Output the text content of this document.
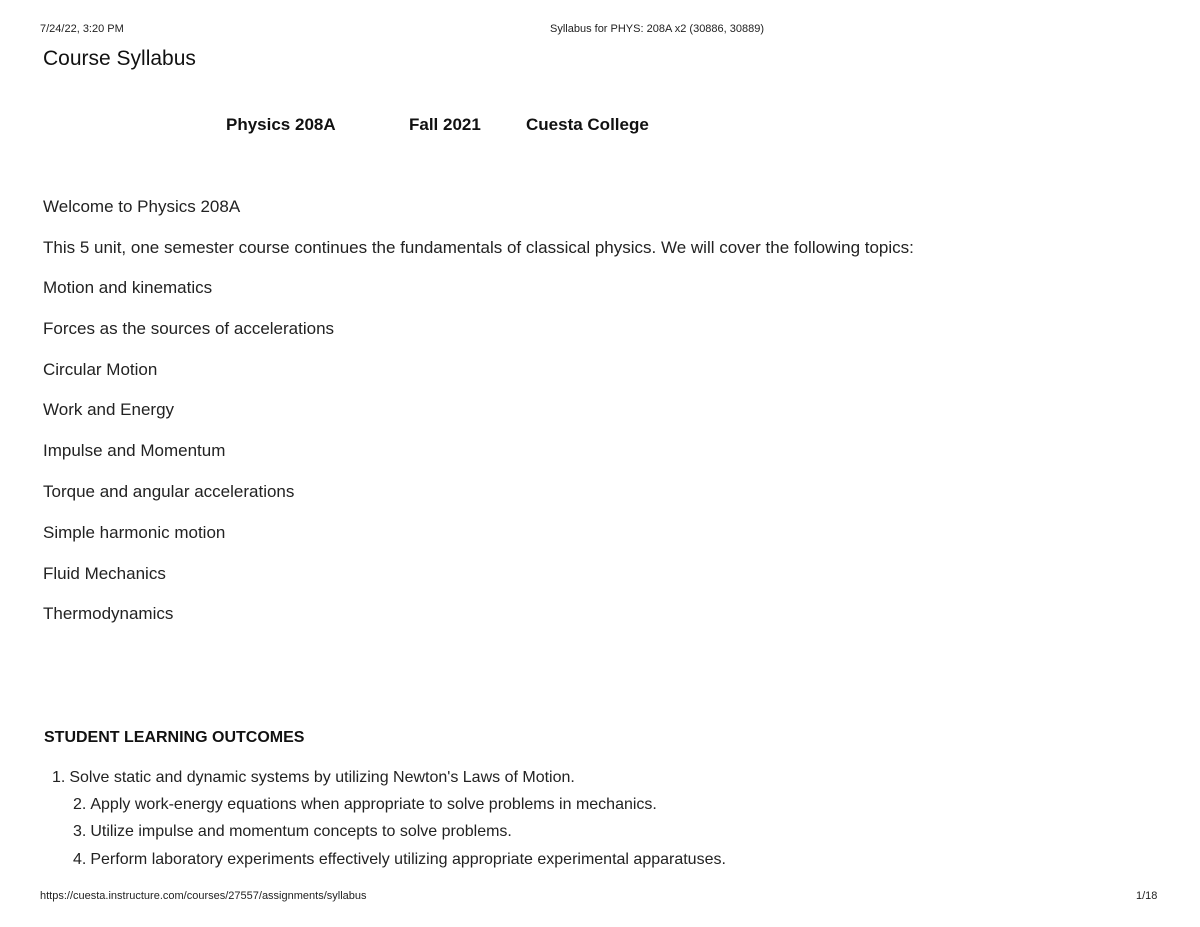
7/24/22, 3:20 PM	Syllabus for PHYS: 208A x2 (30886, 30889)
Course Syllabus
Physics 208A	Fall 2021	Cuesta College
Welcome to Physics 208A
This 5 unit, one semester course continues the fundamentals of classical physics. We will cover the following topics:
Motion and kinematics
Forces as the sources of accelerations
Circular Motion
Work and Energy
Impulse and Momentum
Torque and angular accelerations
Simple harmonic motion
Fluid Mechanics
Thermodynamics
STUDENT LEARNING OUTCOMES
1. Solve static and dynamic systems by utilizing Newton's Laws of Motion.
2. Apply work-energy equations when appropriate to solve problems in mechanics.
3. Utilize impulse and momentum concepts to solve problems.
4. Perform laboratory experiments effectively utilizing appropriate experimental apparatuses.
https://cuesta.instructure.com/courses/27557/assignments/syllabus	1/18
